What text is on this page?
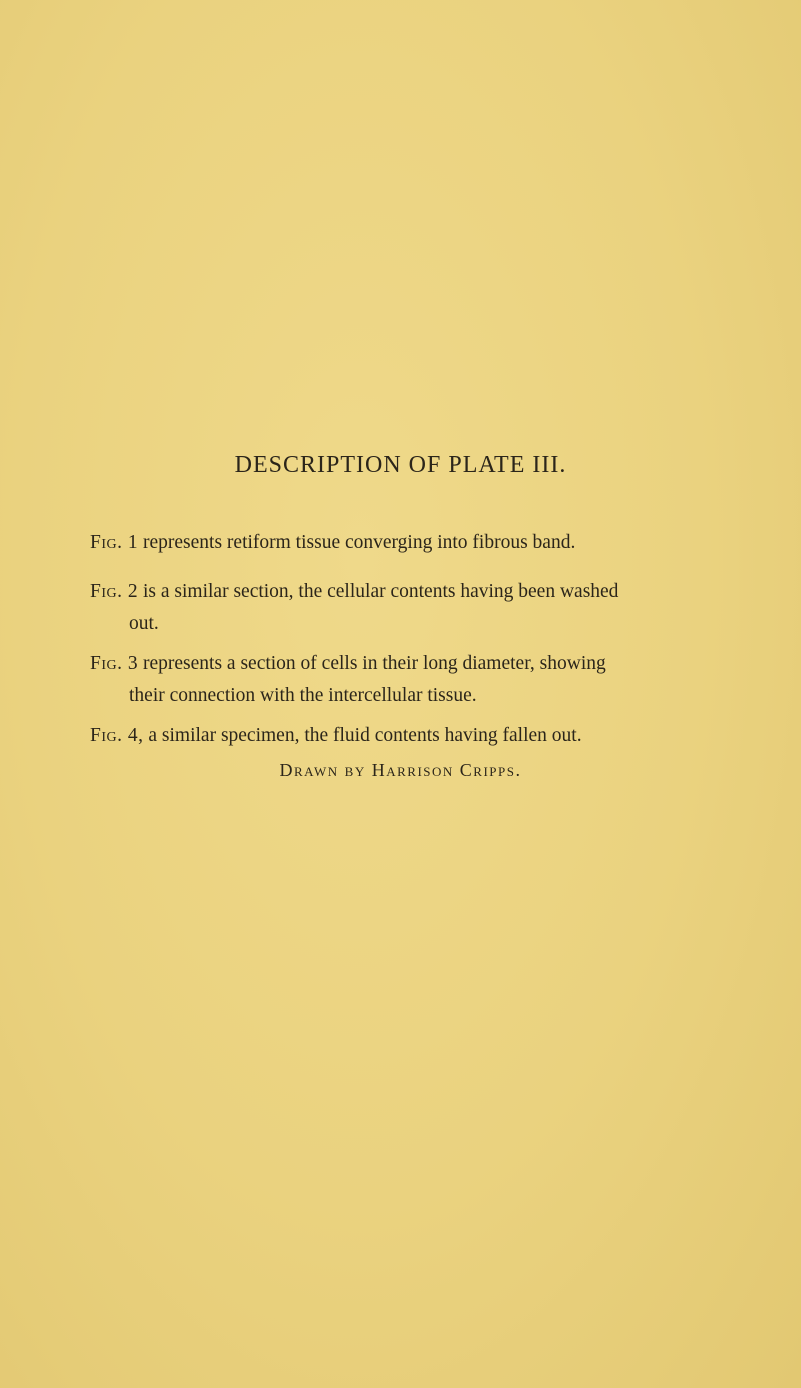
DESCRIPTION OF PLATE III.
Fig. 1 represents retiform tissue converging into fibrous band.
Fig. 2 is a similar section, the cellular contents having been washed
out.
Fig. 3 represents a section of cells in their long diameter, showing
their connection with the intercellular tissue.
Fig. 4, a similar specimen, the fluid contents having fallen out.
Drawn by Harrison Cripps.
